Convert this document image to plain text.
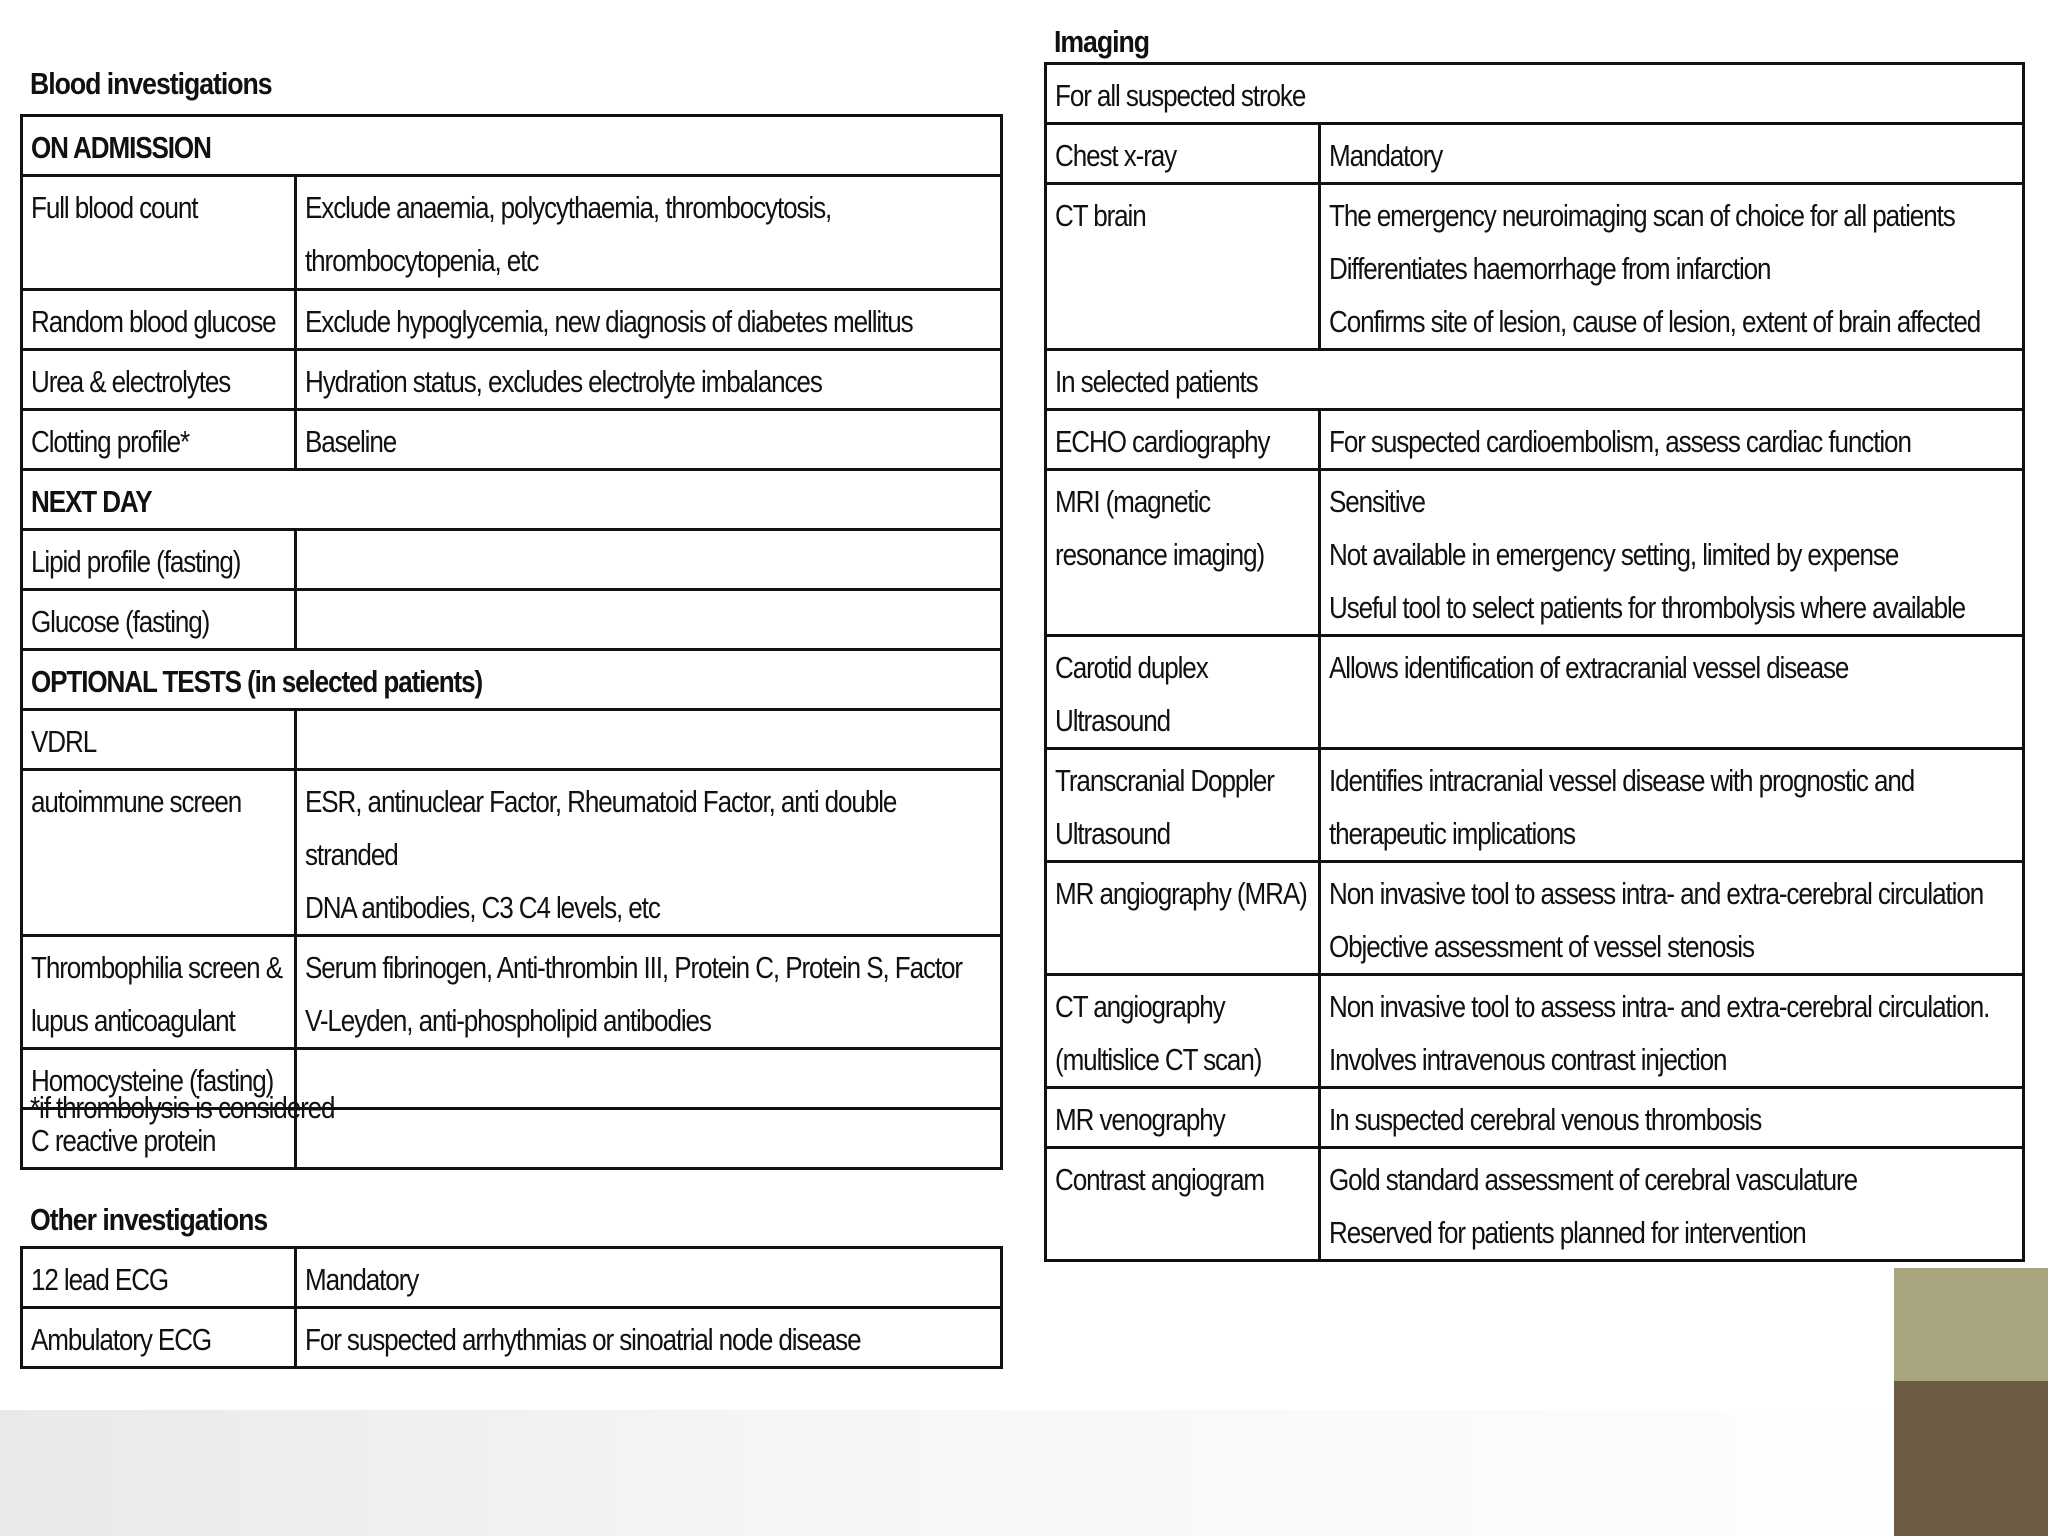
Blood investigations
ON ADMISSION	

Full blood count	Exclude anaemia, polycythaemia, thrombocytosis,
thrombocytopenia, etc

Random blood glucose	Exclude hypoglycemia, new diagnosis of diabetes mellitus

Urea & electrolytes	Hydration status, excludes electrolyte imbalances

Clotting profile*	Baseline

NEXT DAY	

Lipid profile (fasting)	

Glucose (fasting)	

OPTIONAL TESTS (in selected patients)	

VDRL	

autoimmune screen	ESR, antinuclear Factor, Rheumatoid Factor, anti double stranded
DNA antibodies, C3 C4 levels, etc

Thrombophilia screen &
lupus anticoagulant	Serum fibrinogen, Anti-thrombin III, Protein C, Protein S, Factor
V-Leyden, anti-phospholipid antibodies

Homocysteine (fasting)	

C reactive protein	

*if thrombolysis is considered
Other investigations
12 lead ECG	Mandatory

Ambulatory ECG	For suspected arrhythmias or sinoatrial node disease
Imaging
For all suspected stroke	

Chest x-ray	Mandatory

CT brain	The emergency neuroimaging scan of choice for all patients
Differentiates haemorrhage from infarction
Confirms site of lesion, cause of lesion, extent of brain affected

In selected patients	

ECHO cardiography	For suspected cardioembolism, assess cardiac function

MRI (magnetic
resonance imaging)	Sensitive
Not available in emergency setting, limited by expense
Useful tool to select patients for thrombolysis where available

Carotid duplex
Ultrasound	Allows identification of extracranial vessel disease

Transcranial Doppler
Ultrasound	Identifies intracranial vessel disease with prognostic and
therapeutic implications

MR angiography (MRA)	Non invasive tool to assess intra- and extra-cerebral circulation
Objective assessment of vessel stenosis

CT angiography
(multislice CT scan)	Non invasive tool to assess intra- and extra-cerebral circulation.
Involves intravenous contrast injection

MR venography	In suspected cerebral venous thrombosis

Contrast angiogram	Gold standard assessment of cerebral vasculature
Reserved for patients planned for intervention
